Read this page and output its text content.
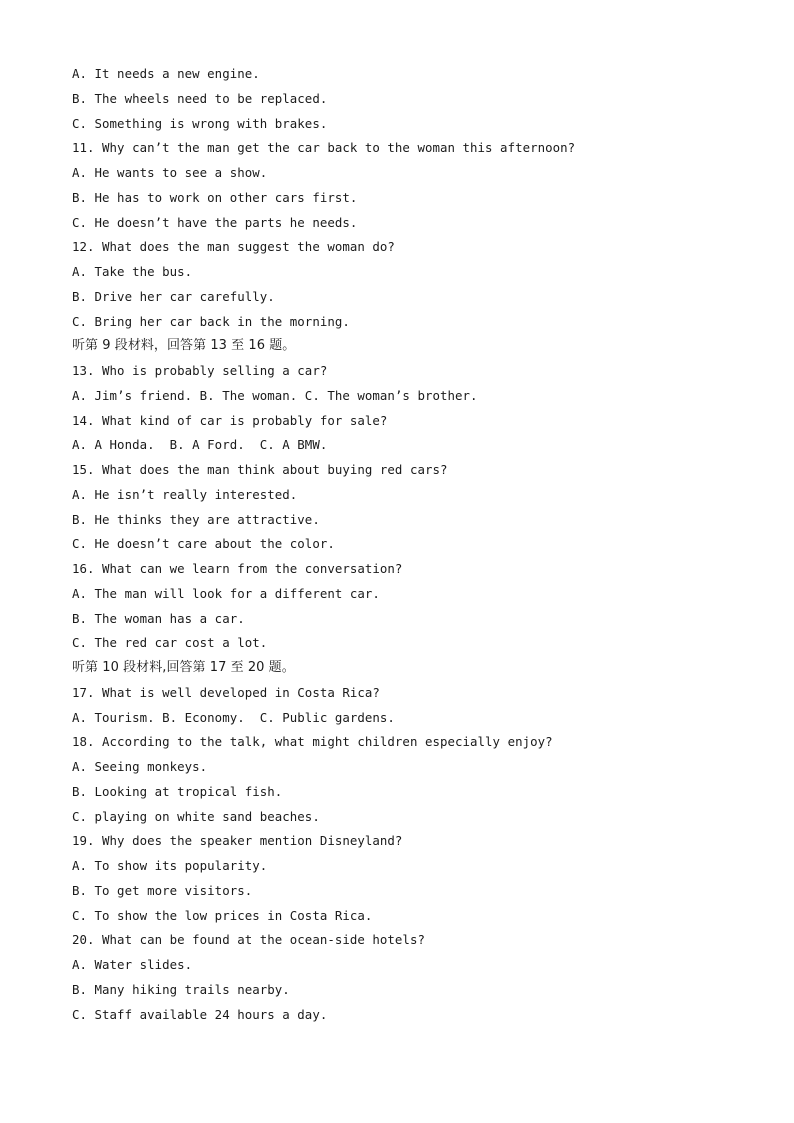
A. It needs a new engine.
B. The wheels need to be replaced.
C. Something is wrong with brakes.
11. Why can’t the man get the car back to the woman this afternoon?
A. He wants to see a show.
B. He has to work on other cars first.
C. He doesn’t have the parts he needs.
12. What does the man suggest the woman do?
A. Take the bus.
B. Drive her car carefully.
C. Bring her car back in the morning.
听第 9 段材料，回答第 13 至 16 题。
13. Who is probably selling a car?
A. Jim’s friend. B. The woman. C. The woman’s brother.
14. What kind of car is probably for sale?
A. A Honda.  B. A Ford.  C. A BMW.
15. What does the man think about buying red cars?
A. He isn’t really interested.
B. He thinks they are attractive.
C. He doesn’t care about the color.
16. What can we learn from the conversation?
A. The man will look for a different car.
B. The woman has a car.
C. The red car cost a lot.
听第 10 段材料,回答第 17 至 20 题。
17. What is well developed in Costa Rica?
A. Tourism. B. Economy.  C. Public gardens.
18. According to the talk, what might children especially enjoy?
A. Seeing monkeys.
B. Looking at tropical fish.
C. playing on white sand beaches.
19. Why does the speaker mention Disneyland?
A. To show its popularity.
B. To get more visitors.
C. To show the low prices in Costa Rica.
20. What can be found at the ocean-side hotels?
A. Water slides.
B. Many hiking trails nearby.
C. Staff available 24 hours a day.
